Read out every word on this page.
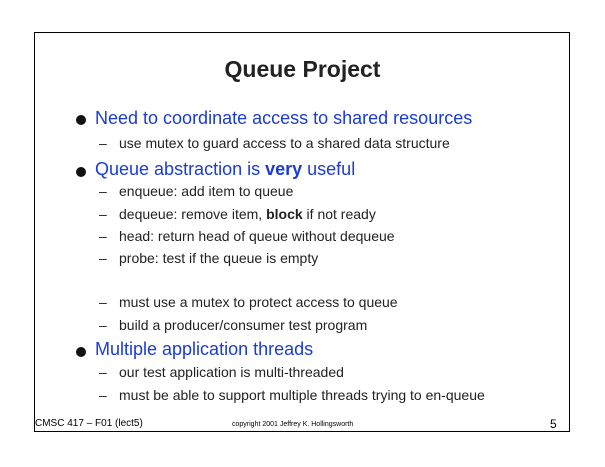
Queue Project
Need to coordinate access to shared resources
– use mutex to guard access to a shared data structure
Queue abstraction is very useful
– enqueue: add item to queue
– dequeue: remove item, block if not ready
– head: return head of queue without dequeue
– probe: test if the queue is empty
– must use a mutex to protect access to queue
– build a producer/consumer test program
Multiple application threads
– our test application is multi-threaded
– must be able to support multiple threads trying to en-queue
CMSC 417 – F01 (lect5)	copyright 2001 Jeffrey K. Hollingsworth	5
